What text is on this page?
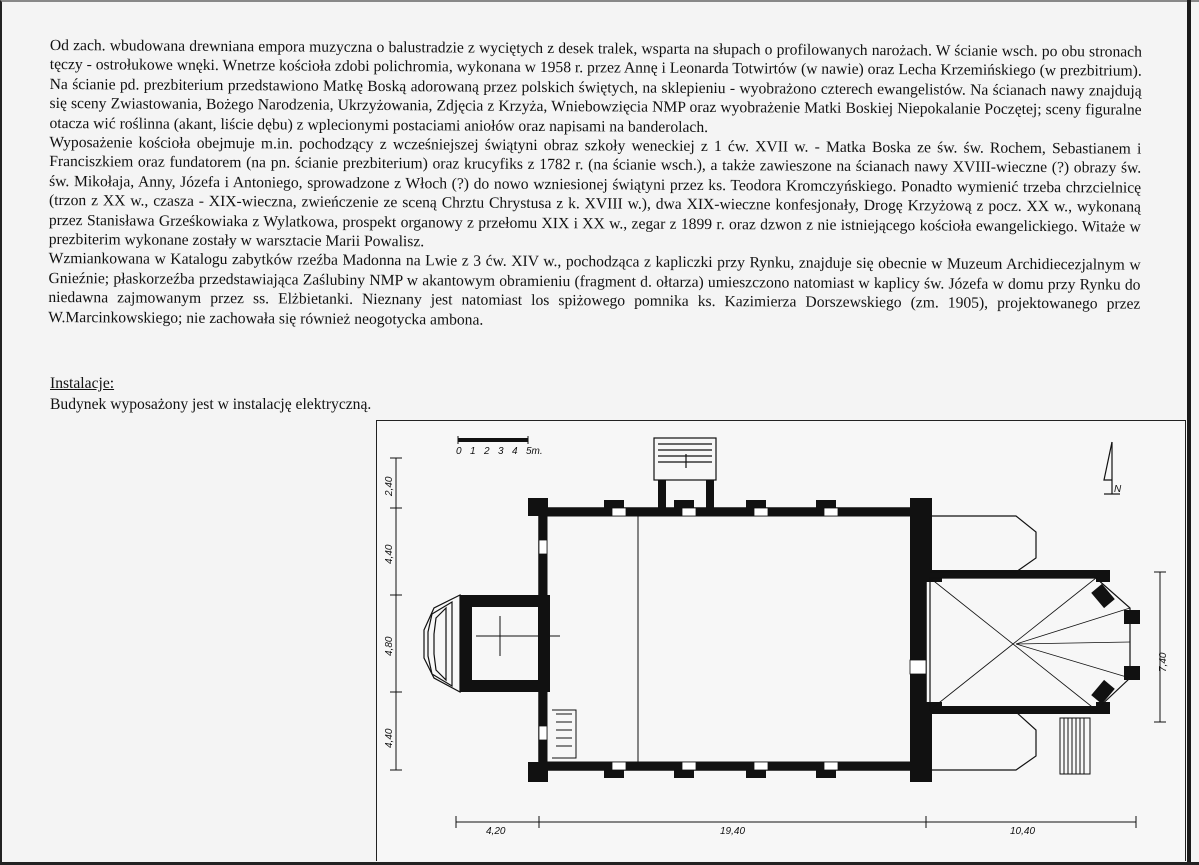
Od zach. wbudowana drewniana empora muzyczna o balustradzie z wyciętych z desek tralek, wsparta na słupach o profilowanych narożach. W ścianie wsch. po obu stronach tęczy - ostrołukowe wnęki. Wnetrze kościoła zdobi polichromia, wykonana w 1958 r. przez Annę i Leonarda Totwirtów (w nawie) oraz Lecha Krzemińskiego (w prezbitrium). Na ścianie pd. prezbiterium przedstawiono Matkę Boską adorowaną przez polskich świętych, na sklepieniu - wyobrażono czterech ewangelistów. Na ścianach nawy znajdują się sceny Zwiastowania, Bożego Narodzenia, Ukrzyżowania, Zdjęcia z Krzyża, Wniebowzięcia NMP oraz wyobrażenie Matki Boskiej Niepokalanie Poczętej; sceny figuralne otacza wić roślinna (akant, liście dębu) z wplecionymi postaciami aniołów oraz napisami na banderolach.

Wyposażenie kościoła obejmuje m.in. pochodzący z wcześniejszej świątyni obraz szkoły weneckiej z 1 ćw. XVII w. - Matka Boska ze św. św. Rochem, Sebastianem i Franciszkiem oraz fundatorem (na pn. ścianie prezbiterium) oraz krucyfiks z 1782 r. (na ścianie wsch.), a także zawieszone na ścianach nawy XVIII-wieczne (?) obrazy św. św. Mikołaja, Anny, Józefa i Antoniego, sprowadzone z Włoch (?) do nowo wzniesionej świątyni przez ks. Teodora Kromczyńskiego. Ponadto wymienić trzeba chrzcielnicę (trzon z XX w., czasza - XIX-wieczna, zwieńczenie ze sceną Chrztu Chrystusa z k. XVIII w.), dwa XIX-wieczne konfesjonały, Drogę Krzyżową z pocz. XX w., wykonaną przez Stanisława Grześkowiaka z Wylatkowa, prospekt organowy z przełomu XIX i XX w., zegar z 1899 r. oraz dzwon z nie istniejącego kościoła ewangelickiego. Witaże w prezbiterim wykonane zostały w warsztacie Marii Powalisz.

Wzmiankowana w Katalogu zabytków rzeźba Madonna na Lwie z 3 ćw. XIV w., pochodząca z kapliczki przy Rynku, znajduje się obecnie w Muzeum Archidiecezjalnym w Gnieźnie; płaskorzeźba przedstawiająca Zaślubiny NMP w akantowym obramieniu (fragment d. ołtarza) umieszczono natomiast w kaplicy św. Józefa w domu przy Rynku do niedawna zajmowanym przez ss. Elżbietanki. Nieznany jest natomiast los spiżowego pomnika ks. Kazimierza Dorszewskiego (zm. 1905), projektowanego przez W.Marcinkowskiego; nie zachowała się również neogotycka ambona.

Instalacje:
Budynek wyposażony jest w instalację elektryczną.
0 1 2 3 4 5m.
N
2,40
4,40
4,80
4,40
7,40
4,20	19,40	10,40
